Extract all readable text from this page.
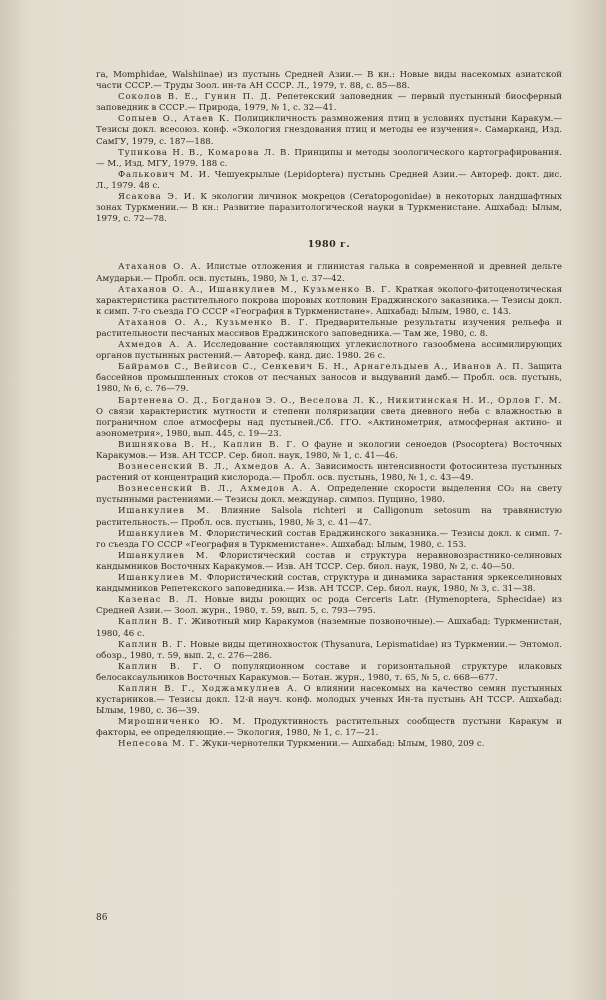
га, Momphidae, Walshiinae) из пустынь Средней Азии.— В кн.: Новые виды насекомых азиатской части СССР.— Труды Зоол. ин-та АН СССР. Л., 1979, т. 88, с. 85—88.

Соколов В. Е., Гунин П. Д. Репетекский заповедник — первый пустынный биосферный заповедник в СССР.— Природа, 1979, № 1, с. 32—41.

Сопыев О., Атаев К. Полицикличность размножения птиц в условиях пустыни Каракум.— Тезисы докл. всесоюз. конф. «Экология гнездования птиц и методы ее изучения». Самарканд, Изд. СамГУ, 1979, с. 187—188.

Тупикова Н. В., Комарова Л. В. Принципы и методы зоологического картографирования.— М., Изд. МГУ, 1979. 188 с.

Фалькович М. И. Чешуекрылые (Lepidoptera) пустынь Средней Азии.— Автореф. докт. дис. Л., 1979. 48 с.

Ясакова Э. И. К экологии личинок мокрецов (Ceratopogonidae) в некоторых ландшафтных зонах Туркмении.— В кн.: Развитие паразитологической науки в Туркменистане. Ашхабад: Ылым, 1979, с. 72—78.

1980 г.

Атаханов О. А. Илистые отложения и глинистая галька в современной и древней дельте Амударьи.— Пробл. осв. пустынь, 1980, № 1, с. 37—42.

Атаханов О. А., Ишанкулиев М., Кузьменко В. Г. Краткая эколого-фитоценотическая характеристика растительного покрова шоровых котловин Ераджинского заказника.— Тезисы докл. к симп. 7-го съезда ГО СССР «География в Туркменистане». Ашхабад: Ылым, 1980, с. 143.

Атаханов О. А., Кузьменко В. Г. Предварительные результаты изучения рельефа и растительности песчаных массивов Ераджинского заповедника.— Там же, 1980, с. 8.

Ахмедов А. А. Исследование составляющих углекислотного газообмена ассимилирующих органов пустынных растений.— Автореф. канд. дис. 1980. 26 с.

Байрамов С., Вейисов С., Сенкевич Б. Н., Арнагельдыев А., Иванов А. П. Защита бассейнов промышленных стоков от песчаных заносов и выдуваний дамб.— Пробл. осв. пустынь, 1980, № 6, с. 76—79.

Бартенева О. Д., Богданов Э. О., Веселова Л. К., Никитинская Н. И., Орлов Г. М. О связи характеристик мутности и степени поляризации света дневного неба с влажностью в пограничном слое атмосферы над пустыней./Сб. ГГО. «Актинометрия, атмосферная актино- и аэонометрия», 1980, вып. 445, с. 19—23.

Вишнякова В. Н., Каплин В. Г. О фауне и экологии сеноедов (Psocoptera) Восточных Каракумов.— Изв. АН ТССР. Сер. биол. наук, 1980, № 1, с. 41—46.

Вознесенский В. Л., Ахмедов А. А. Зависимость интенсивности фотосинтеза пустынных растений от концентраций кислорода.— Пробл. осв. пустынь, 1980, № 1, с. 43—49.

Вознесенский В. Л., Ахмедов А. А. Определение скорости выделения CO₂ на свету пустынными растениями.— Тезисы докл. междунар. симпоз. Пущино, 1980.

Ишанкулиев М. Влияние Salsola richteri и Calligonum setosum на травянистую растительность.— Пробл. осв. пустынь, 1980, № 3, с. 41—47.

Ишанкулиев М. Флористический состав Ераджинского заказника.— Тезисы докл. к симп. 7-го съезда ГО СССР «География в Туркменистане». Ашхабад: Ылым, 1980, с. 153.

Ишанкулиев М. Флористический состав и структура неравновозрастнико-селиновых кандымников Восточных Каракумов.— Изв. АН ТССР. Сер. биол. наук, 1980, № 2, с. 40—50.

Ишанкулиев М. Флористический состав, структура и динамика зарастания эркекселиновых кандымников Репетекского заповедника.— Изв. АН ТССР. Сер. биол. наук, 1980, № 3, с. 31—38.

Казенас В. Л. Новые виды роющих ос рода Cerceris Latr. (Hymenoptera, Sphecidae) из Средней Азии.— Зоол. журн., 1980, т. 59, вып. 5, с. 793—795.

Каплин В. Г. Животный мир Каракумов (наземные позвоночные).— Ашхабад: Туркменистан, 1980, 46 с.

Каплин В. Г. Новые виды щетинохвосток (Thysanura, Lepismatidae) из Туркмении.— Энтомол. обозр., 1980, т. 59, вып. 2, с. 276—286.

Каплин В. Г. О популяционном составе и горизонтальной структуре илаковых белосаксаульников Восточных Каракумов.— Ботан. журн., 1980, т. 65, № 5, с. 668—677.

Каплин В. Г., Ходжамкулиев А. О влиянии насекомых на качество семян пустынных кустарников.— Тезисы докл. 12-й науч. конф. молодых ученых Ин-та пустынь АН ТССР. Ашхабад: Ылым, 1980, с. 36—39.

Мирошниченко Ю. М. Продуктивность растительных сообществ пустыни Каракум и факторы, ее определяющие.— Экология, 1980, № 1, с. 17—21.

Непесова М. Г. Жуки-чернотелки Туркмении.— Ашхабад: Ылым, 1980, 209 с.

86
